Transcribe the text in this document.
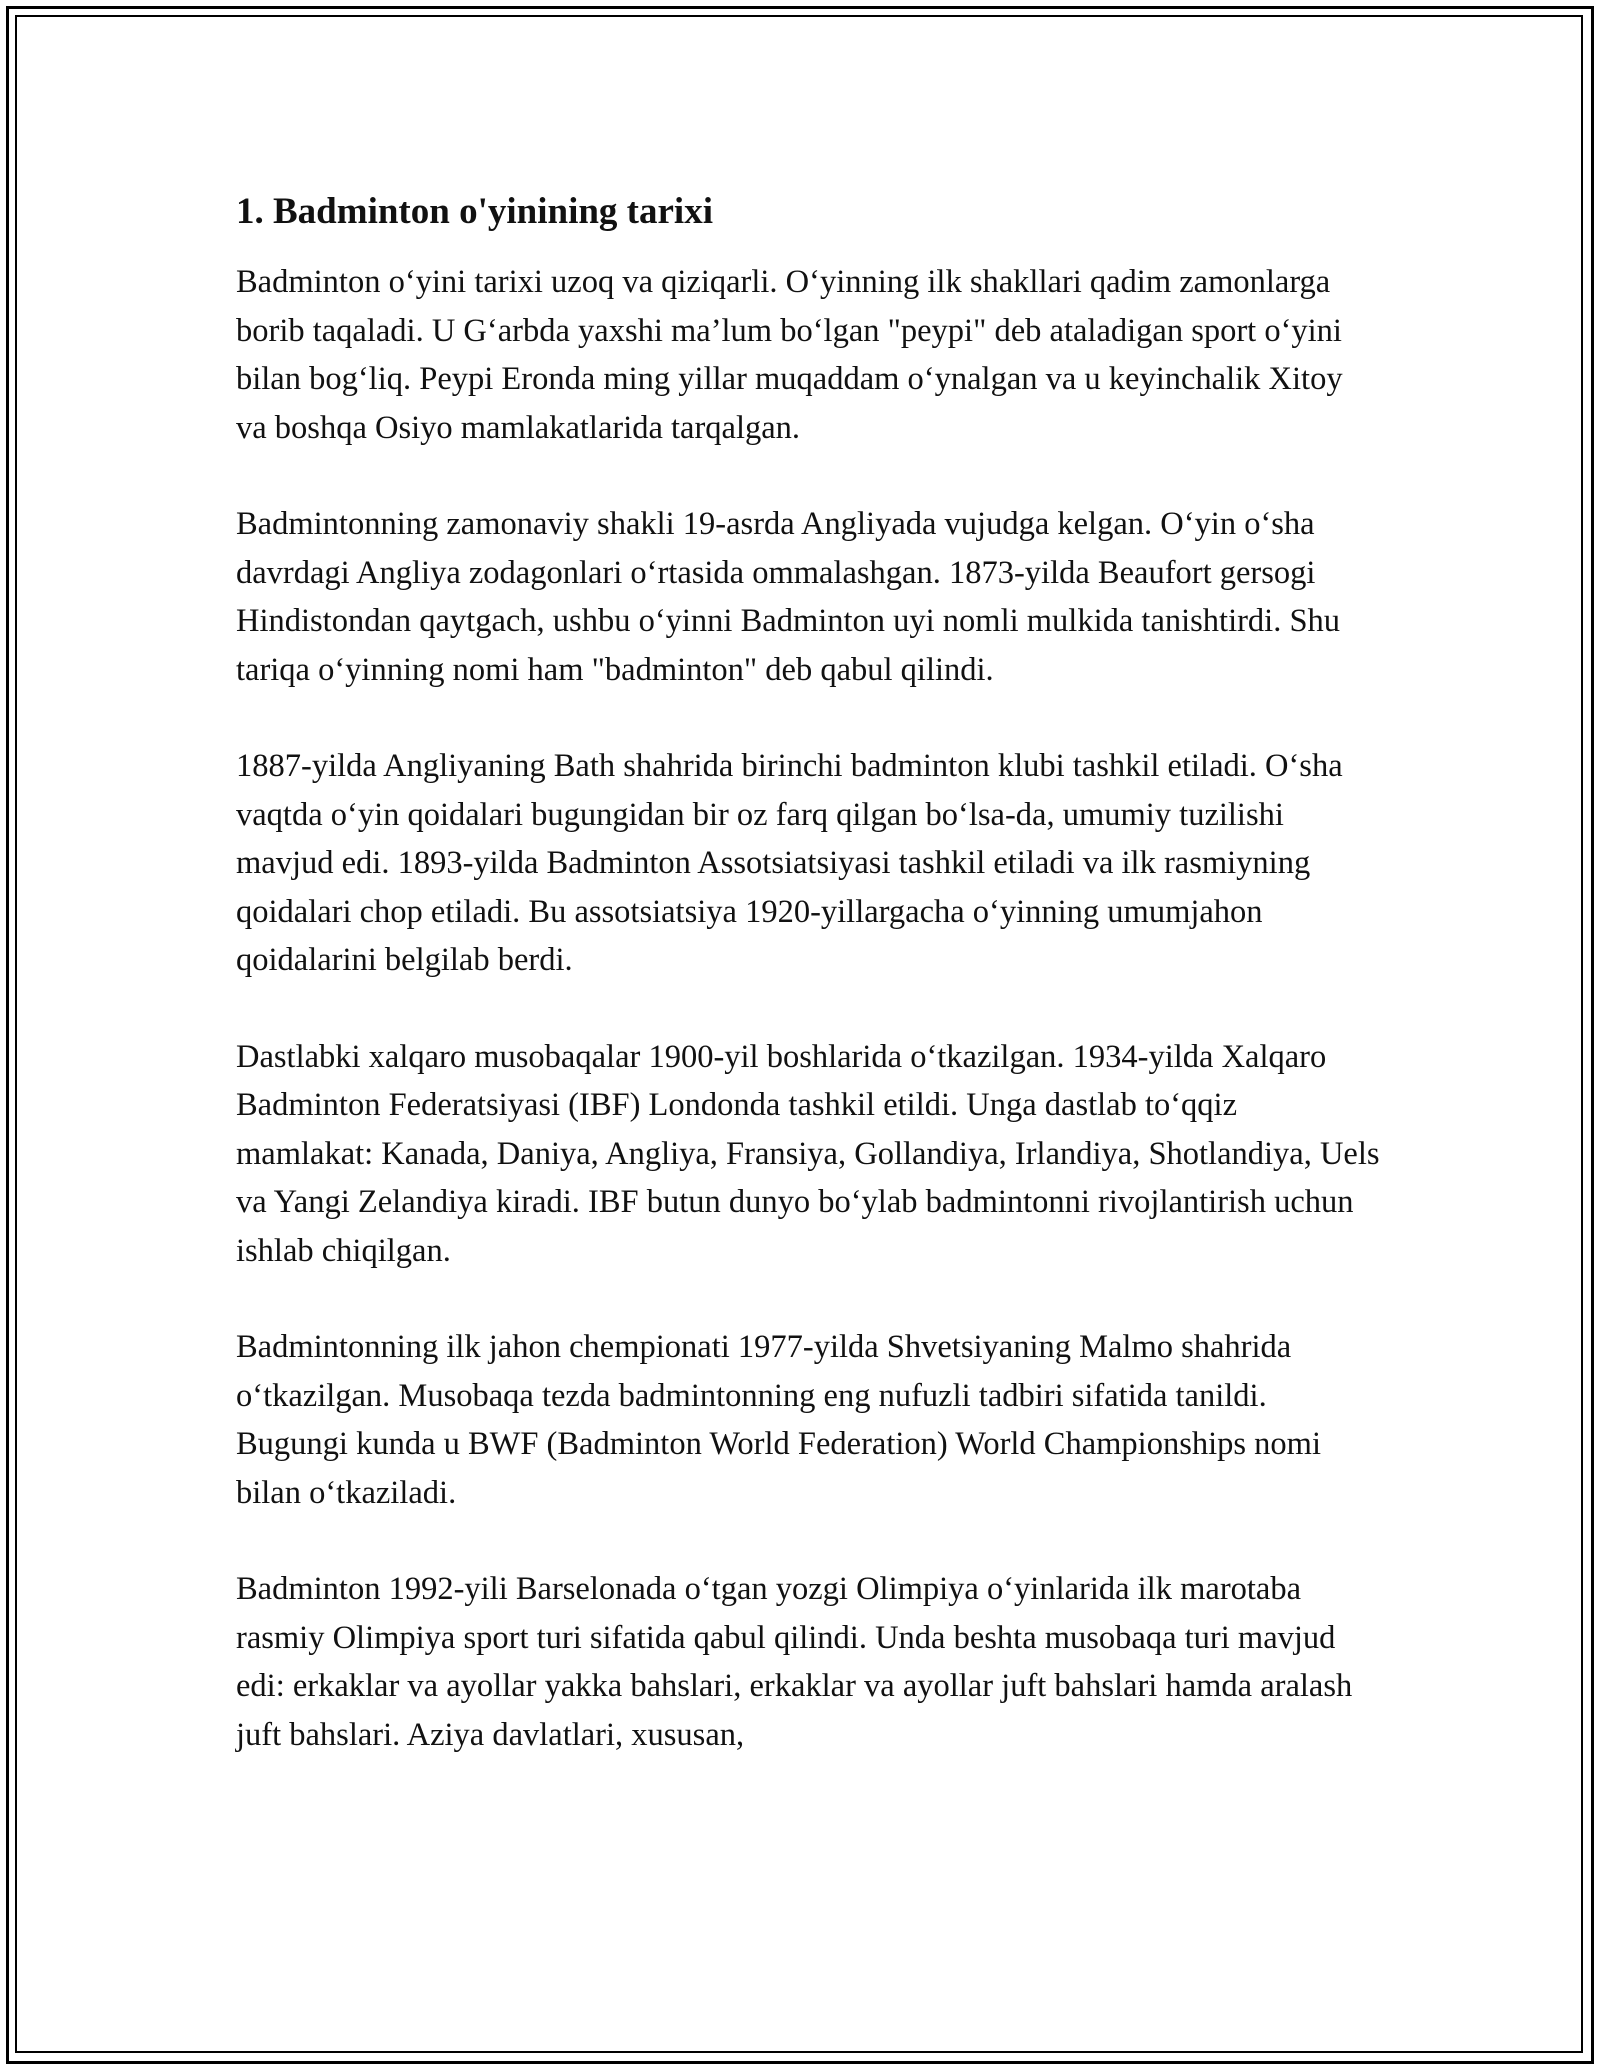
1. Badminton o'yinining tarixi

Badminton o‘yini tarixi uzoq va qiziqarli. O‘yinning ilk shakllari qadim zamonlarga borib taqaladi. U G‘arbda yaxshi ma’lum bo‘lgan "peypi" deb ataladigan sport o‘yini bilan bog‘liq. Peypi Eronda ming yillar muqaddam o‘ynalgan va u keyinchalik Xitoy va boshqa Osiyo mamlakatlarida tarqalgan.

Badmintonning zamonaviy shakli 19-asrda Angliyada vujudga kelgan. O‘yin o‘sha davrdagi Angliya zodagonlari o‘rtasida ommalashgan. 1873-yilda Beaufort gersogi Hindistondan qaytgach, ushbu o‘yinni Badminton uyi nomli mulkida tanishtirdi. Shu tariqa o‘yinning nomi ham "badminton" deb qabul qilindi.

1887-yilda Angliyaning Bath shahrida birinchi badminton klubi tashkil etiladi. O‘sha vaqtda o‘yin qoidalari bugungidan bir oz farq qilgan bo‘lsa-da, umumiy tuzilishi mavjud edi. 1893-yilda Badminton Assotsiatsiyasi tashkil etiladi va ilk rasmiyning qoidalari chop etiladi. Bu assotsiatsiya 1920-yillargacha o‘yinning umumjahon qoidalarini belgilab berdi.

Dastlabki xalqaro musobaqalar 1900-yil boshlarida o‘tkazilgan. 1934-yilda Xalqaro Badminton Federatsiyasi (IBF) Londonda tashkil etildi. Unga dastlab to‘qqiz mamlakat: Kanada, Daniya, Angliya, Fransiya, Gollandiya, Irlandiya, Shotlandiya, Uels va Yangi Zelandiya kiradi. IBF butun dunyo bo‘ylab badmintonni rivojlantirish uchun ishlab chiqilgan.

Badmintonning ilk jahon chempionati 1977-yilda Shvetsiyaning Malmo shahrida o‘tkazilgan. Musobaqa tezda badmintonning eng nufuzli tadbiri sifatida tanildi. Bugungi kunda u BWF (Badminton World Federation) World Championships nomi bilan o‘tkaziladi.

Badminton 1992-yili Barselonada o‘tgan yozgi Olimpiya o‘yinlarida ilk marotaba rasmiy Olimpiya sport turi sifatida qabul qilindi. Unda beshta musobaqa turi mavjud edi: erkaklar va ayollar yakka bahslari, erkaklar va ayollar juft bahslari hamda aralash juft bahslari. Aziya davlatlari, xususan,
